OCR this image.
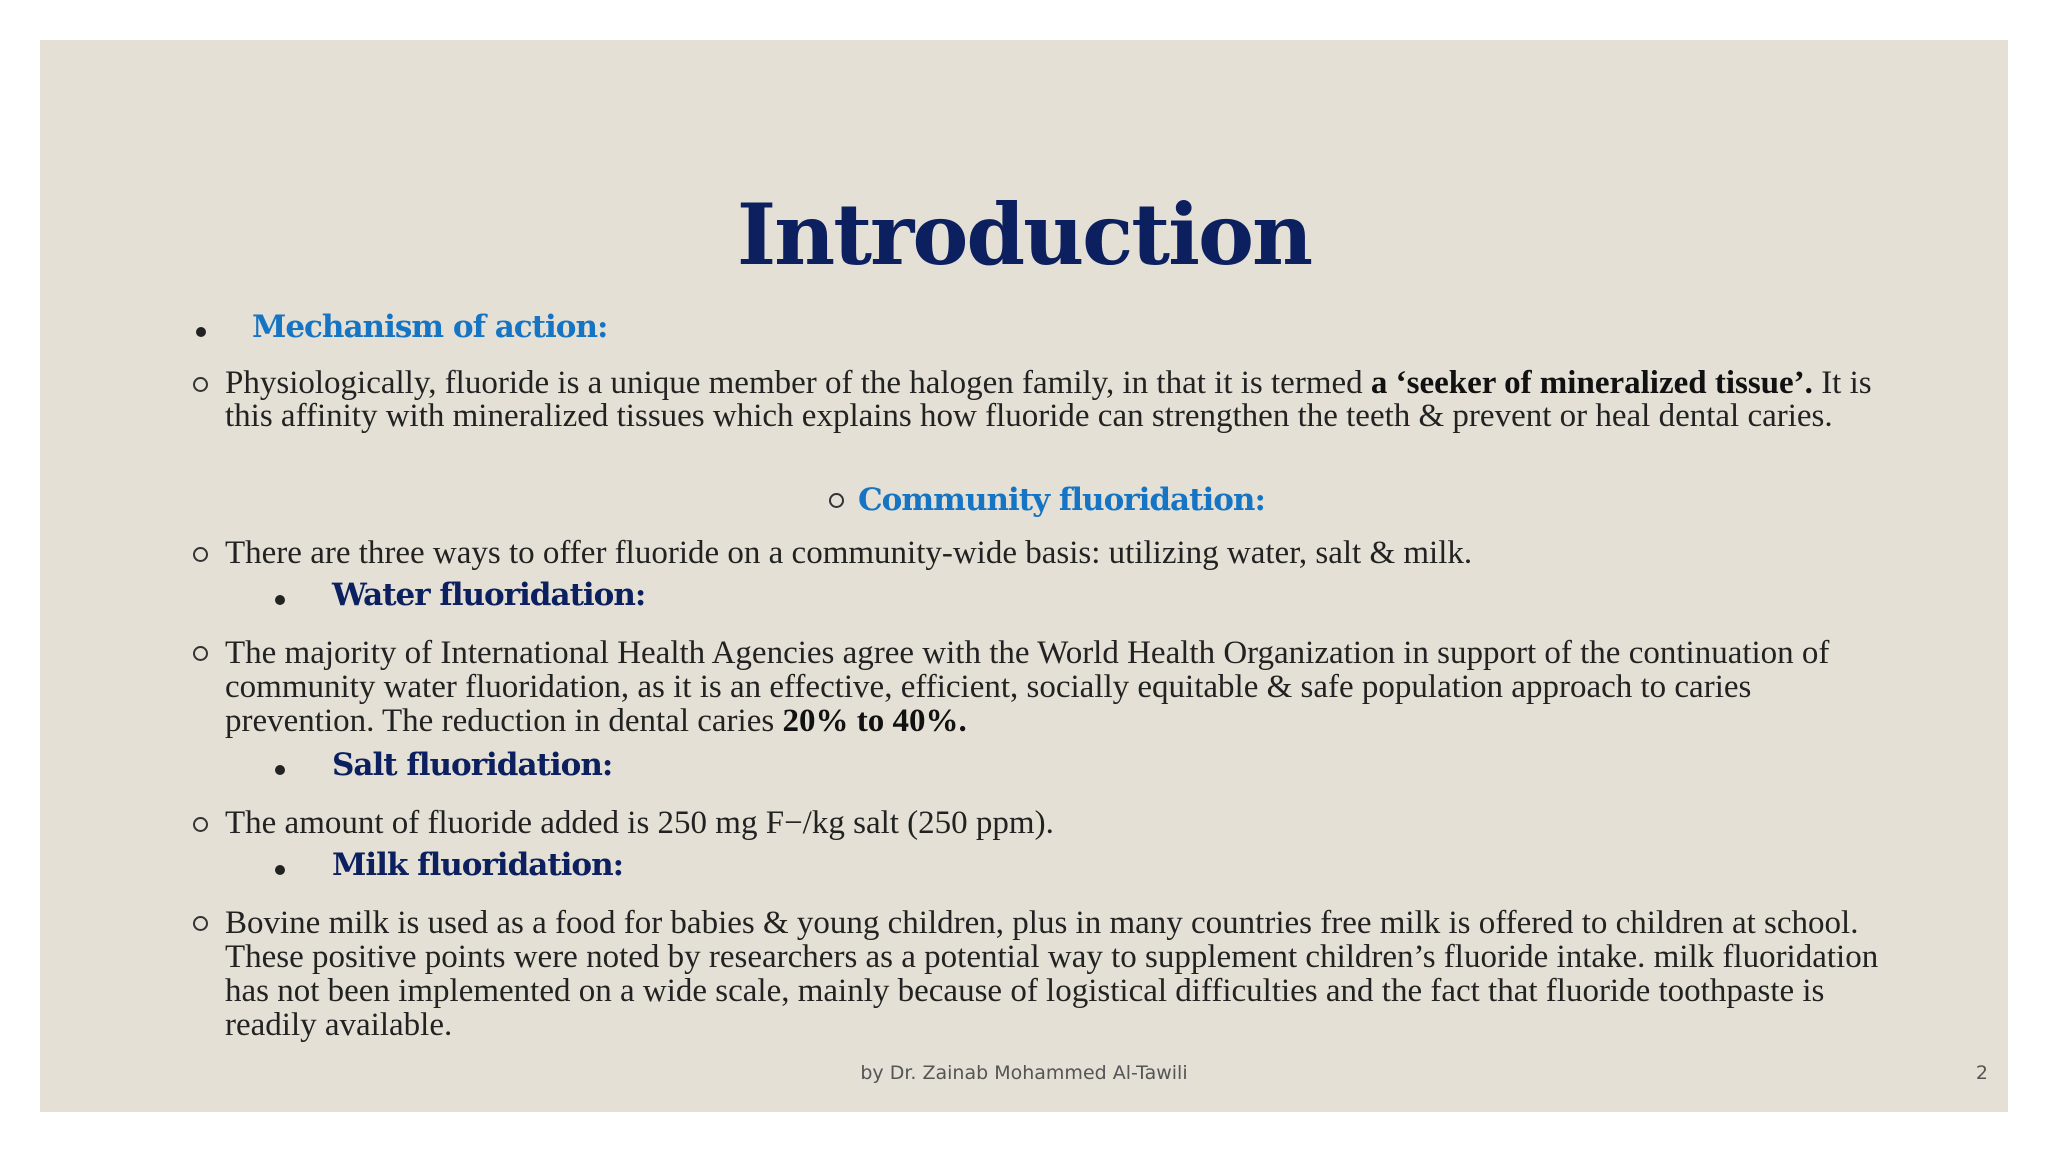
Introduction
Mechanism of action:
Physiologically, fluoride is a unique member of the halogen family, in that it is termed a ‘seeker of mineralized tissue’. It is this affinity with mineralized tissues which explains how fluoride can strengthen the teeth & prevent or heal dental caries.
Community fluoridation:
There are three ways to offer fluoride on a community-wide basis: utilizing water, salt & milk.
Water fluoridation:
The majority of International Health Agencies agree with the World Health Organization in support of the continuation of community water fluoridation, as it is an effective, efficient, socially equitable & safe population approach to caries prevention. The reduction in dental caries 20% to 40%.
Salt fluoridation:
The amount of fluoride added is 250 mg F−/kg salt (250 ppm).
Milk fluoridation:
Bovine milk is used as a food for babies & young children, plus in many countries free milk is offered to children at school. These positive points were noted by researchers as a potential way to supplement children’s fluoride intake. milk fluoridation has not been implemented on a wide scale, mainly because of logistical difficulties and the fact that fluoride toothpaste is readily available.
by Dr. Zainab Mohammed Al-Tawili	2
